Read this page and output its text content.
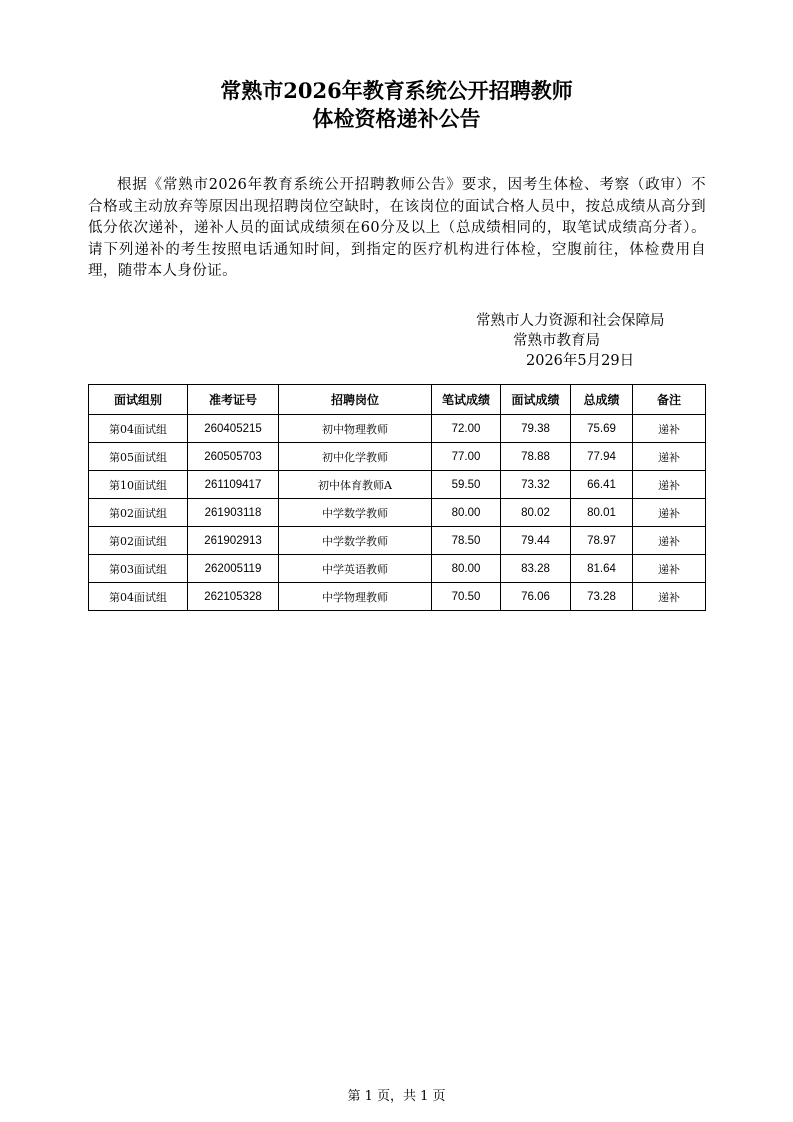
常熟市2026年教育系统公开招聘教师
体检资格递补公告

根据《常熟市2026年教育系统公开招聘教师公告》要求，因考生体检、考察（政审）不合格或主动放弃等原因出现招聘岗位空缺时，在该岗位的面试合格人员中，按总成绩从高分到低分依次递补，递补人员的面试成绩须在60分及以上（总成绩相同的，取笔试成绩高分者）。请下列递补的考生按照电话通知时间，到指定的医疗机构进行体检，空腹前往，体检费用自理，随带本人身份证。

常熟市人力资源和社会保障局
常熟市教育局
2026年5月29日
面试组别	准考证号	招聘岗位	笔试成绩	面试成绩	总成绩	备注
第04面试组	260405215	初中物理教师	72.00	79.38	75.69	递补
第05面试组	260505703	初中化学教师	77.00	78.88	77.94	递补
第10面试组	261109417	初中体育教师A	59.50	73.32	66.41	递补
第02面试组	261903118	中学数学教师	80.00	80.02	80.01	递补
第02面试组	261902913	中学数学教师	78.50	79.44	78.97	递补
第03面试组	262005119	中学英语教师	80.00	83.28	81.64	递补
第04面试组	262105328	中学物理教师	70.50	76.06	73.28	递补
第 1 页，共 1 页
